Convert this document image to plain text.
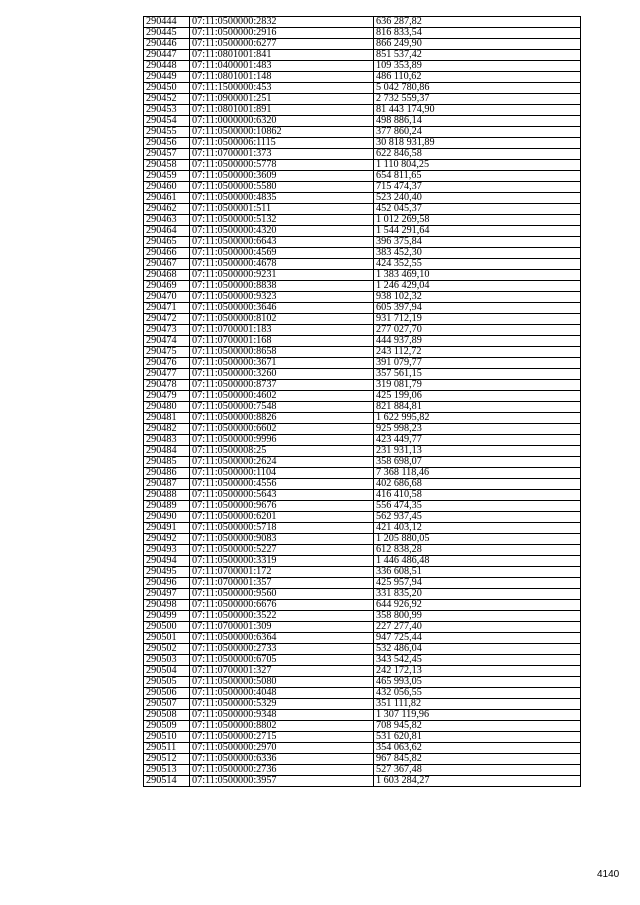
290444	07:11:0500000:2832	636 287,82
290445	07:11:0500000:2916	816 833,54
290446	07:11:0500000:6277	866 249,90
290447	07:11:0801001:841	851 537,42
290448	07:11:0400001:483	109 353,89
290449	07:11:0801001:148	486 110,62
290450	07:11:1500000:453	5 042 780,86
290452	07:11:0900001:251	2 732 559,37
290453	07:11:0801001:891	81 443 174,90
290454	07:11:0000000:6320	498 886,14
290455	07:11:0500000:10862	377 860,24
290456	07:11:0500006:1115	30 818 931,89
290457	07:11:0700001:373	622 846,58
290458	07:11:0500000:5778	1 110 804,25
290459	07:11:0500000:3609	654 811,65
290460	07:11:0500000:5580	715 474,37
290461	07:11:0500000:4835	523 240,40
290462	07:11:0500001:511	452 045,37
290463	07:11:0500000:5132	1 012 269,58
290464	07:11:0500000:4320	1 544 291,64
290465	07:11:0500000:6643	396 375,84
290466	07:11:0500000:4569	383 452,30
290467	07:11:0500000:4678	424 352,55
290468	07:11:0500000:9231	1 383 469,10
290469	07:11:0500000:8838	1 246 429,04
290470	07:11:0500000:9323	938 102,32
290471	07:11:0500000:3646	605 397,94
290472	07:11:0500000:8102	931 712,19
290473	07:11:0700001:183	277 027,70
290474	07:11:0700001:168	444 937,89
290475	07:11:0500000:8658	243 112,72
290476	07:11:0500000:3671	391 079,77
290477	07:11:0500000:3260	357 561,15
290478	07:11:0500000:8737	319 081,79
290479	07:11:0500000:4602	425 199,06
290480	07:11:0500000:7548	821 884,81
290481	07:11:0500000:8826	1 622 995,82
290482	07:11:0500000:6602	925 998,23
290483	07:11:0500000:9996	423 449,77
290484	07:11:0500008:25	231 931,13
290485	07:11:0500000:2624	358 698,07
290486	07:11:0500000:1104	7 368 118,46
290487	07:11:0500000:4556	402 686,68
290488	07:11:0500000:5643	416 410,58
290489	07:11:0500000:9676	556 474,35
290490	07:11:0500000:6201	562 937,45
290491	07:11:0500000:5718	421 403,12
290492	07:11:0500000:9083	1 205 880,05
290493	07:11:0500000:5227	612 838,28
290494	07:11:0500000:3319	1 446 486,48
290495	07:11:0700001:172	336 608,51
290496	07:11:0700001:357	425 957,94
290497	07:11:0500000:9560	331 835,20
290498	07:11:0500000:6676	644 926,92
290499	07:11:0500000:3522	358 800,99
290500	07:11:0700001:309	227 277,40
290501	07:11:0500000:6364	947 725,44
290502	07:11:0500000:2733	532 486,04
290503	07:11:0500000:6705	343 542,45
290504	07:11:0700001:327	242 172,13
290505	07:11:0500000:5080	465 993,05
290506	07:11:0500000:4048	432 056,55
290507	07:11:0500000:5329	351 111,82
290508	07:11:0500000:9348	1 307 119,96
290509	07:11:0500000:8802	708 945,82
290510	07:11:0500000:2715	531 620,81
290511	07:11:0500000:2970	354 063,62
290512	07:11:0500000:6336	967 845,82
290513	07:11:0500000:2736	527 367,48
290514	07:11:0500000:3957	1 603 284,27
4140
